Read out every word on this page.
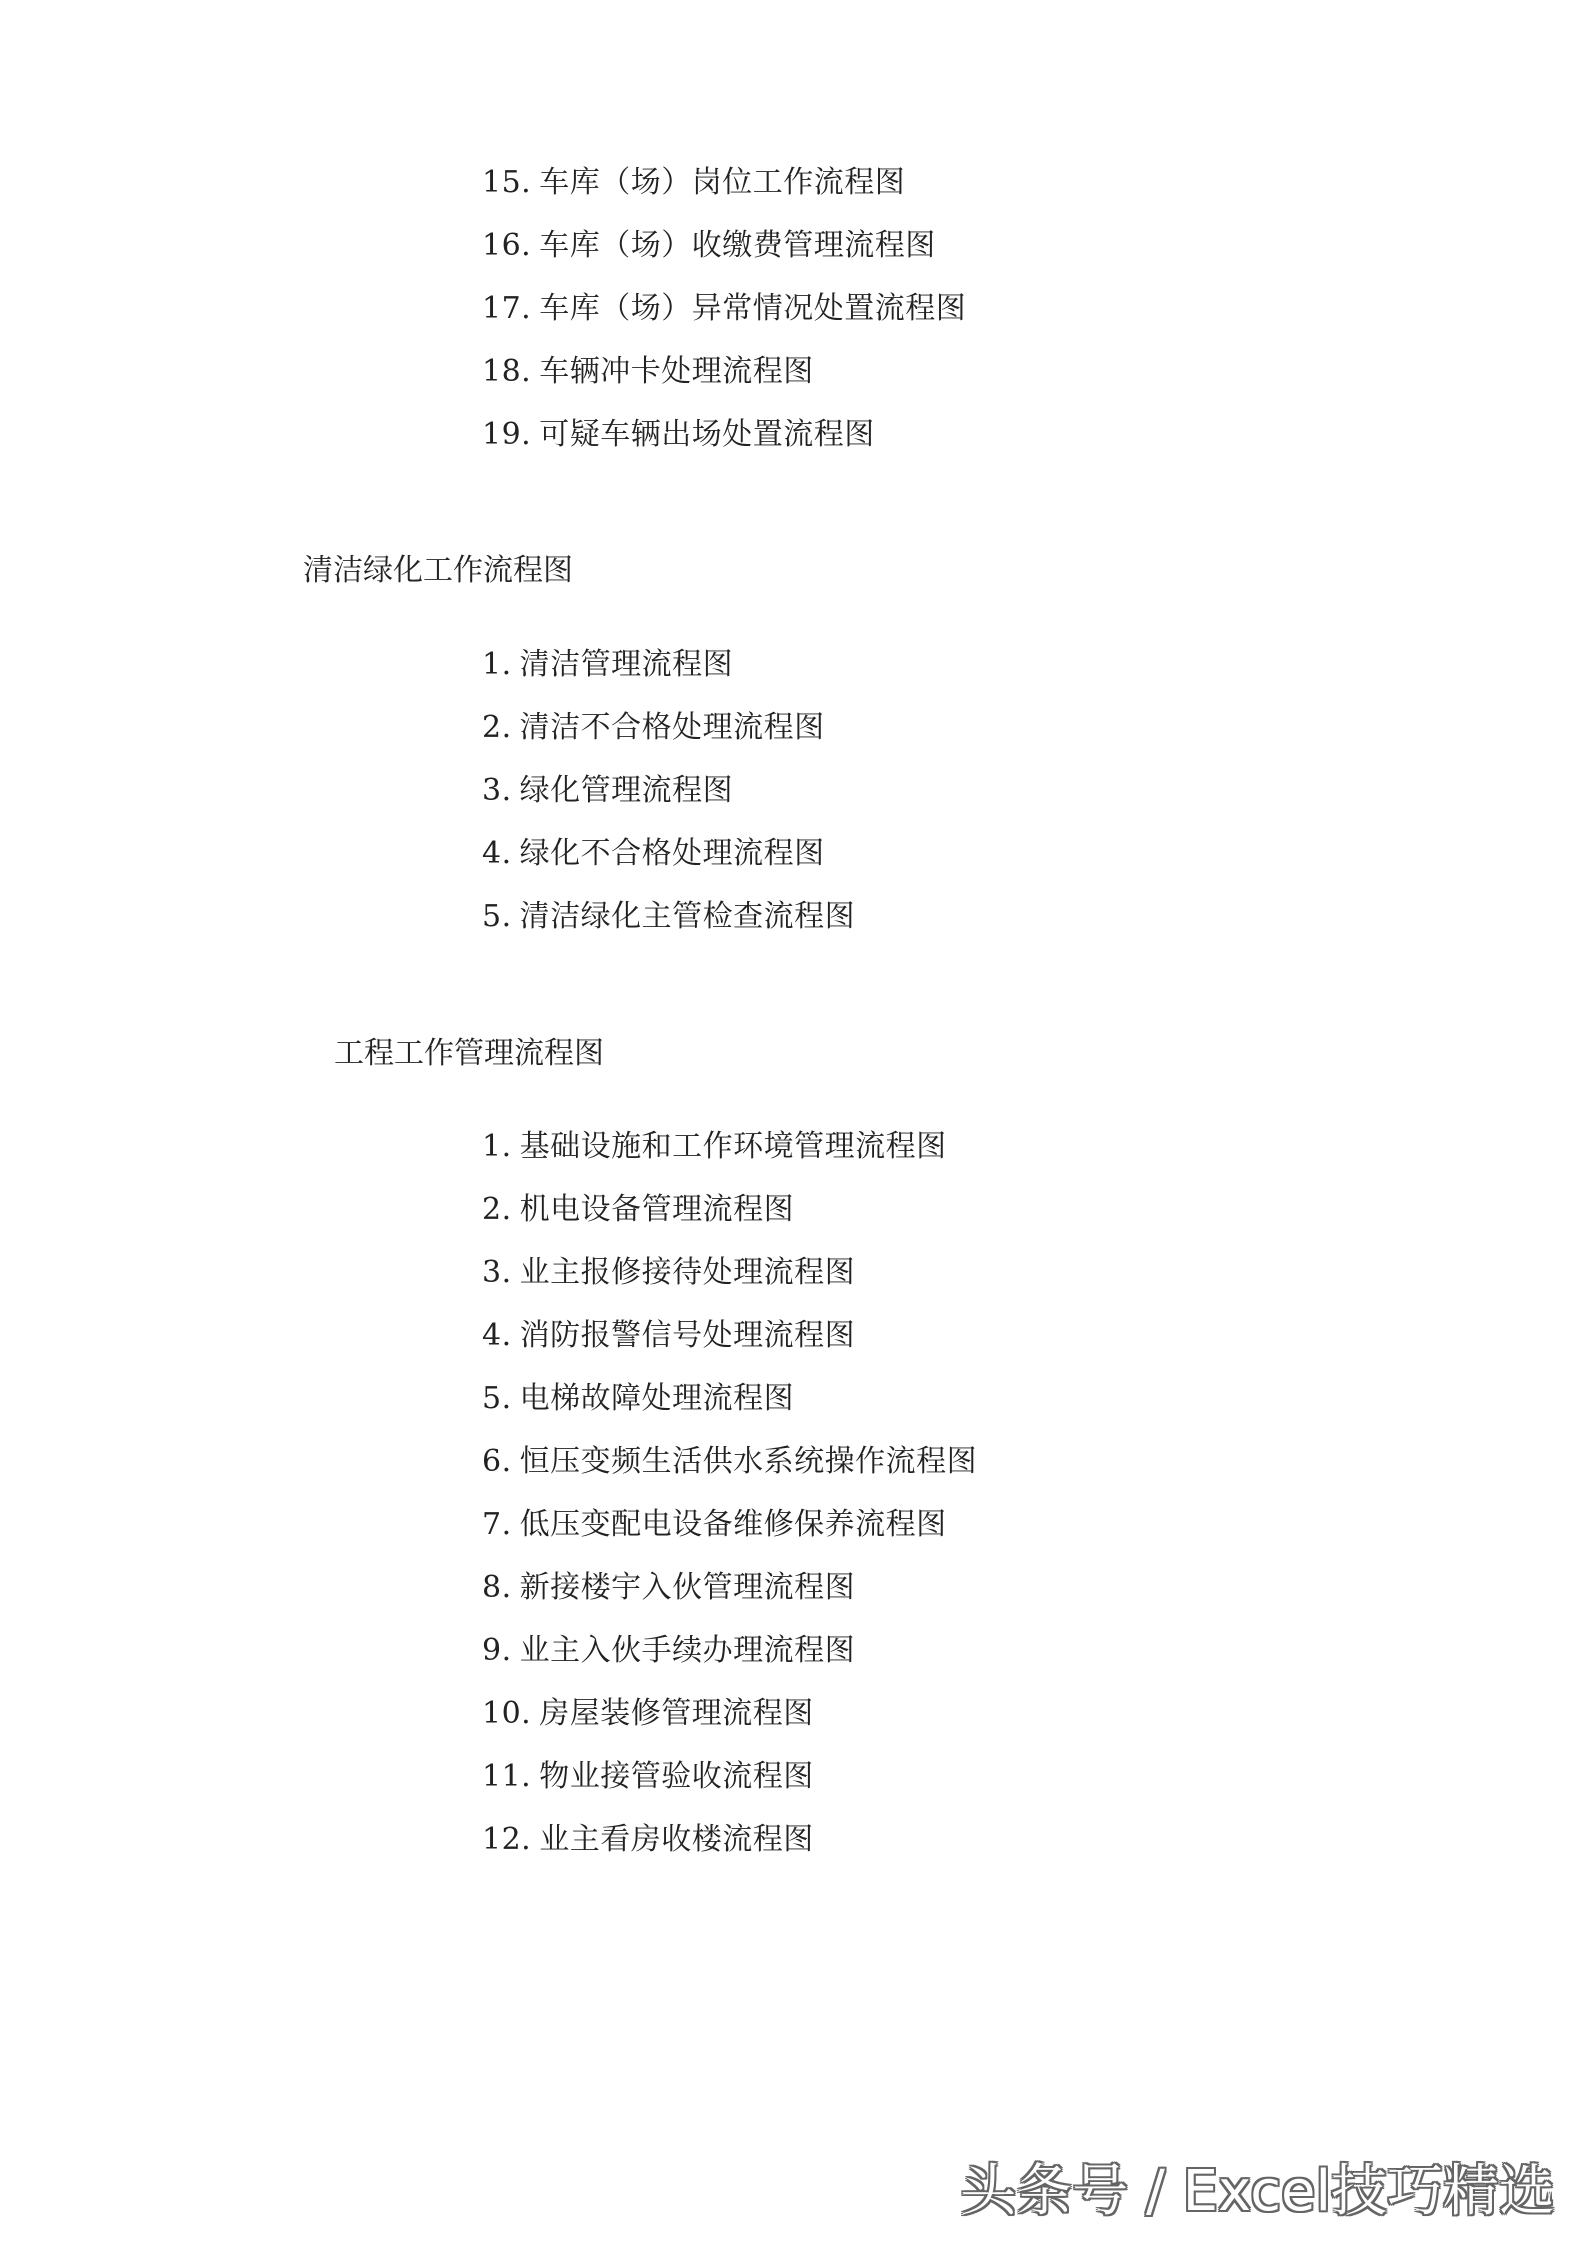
15. 车库（场）岗位工作流程图
16. 车库（场）收缴费管理流程图
17. 车库（场）异常情况处置流程图
18. 车辆冲卡处理流程图
19. 可疑车辆出场处置流程图
清洁绿化工作流程图
1. 清洁管理流程图
2. 清洁不合格处理流程图
3. 绿化管理流程图
4. 绿化不合格处理流程图
5. 清洁绿化主管检查流程图
工程工作管理流程图
1. 基础设施和工作环境管理流程图
2. 机电设备管理流程图
3. 业主报修接待处理流程图
4. 消防报警信号处理流程图
5. 电梯故障处理流程图
6. 恒压变频生活供水系统操作流程图
7. 低压变配电设备维修保养流程图
8. 新接楼宇入伙管理流程图
9. 业主入伙手续办理流程图
10. 房屋装修管理流程图
11. 物业接管验收流程图
12. 业主看房收楼流程图
头条号 / Excel技巧精选
